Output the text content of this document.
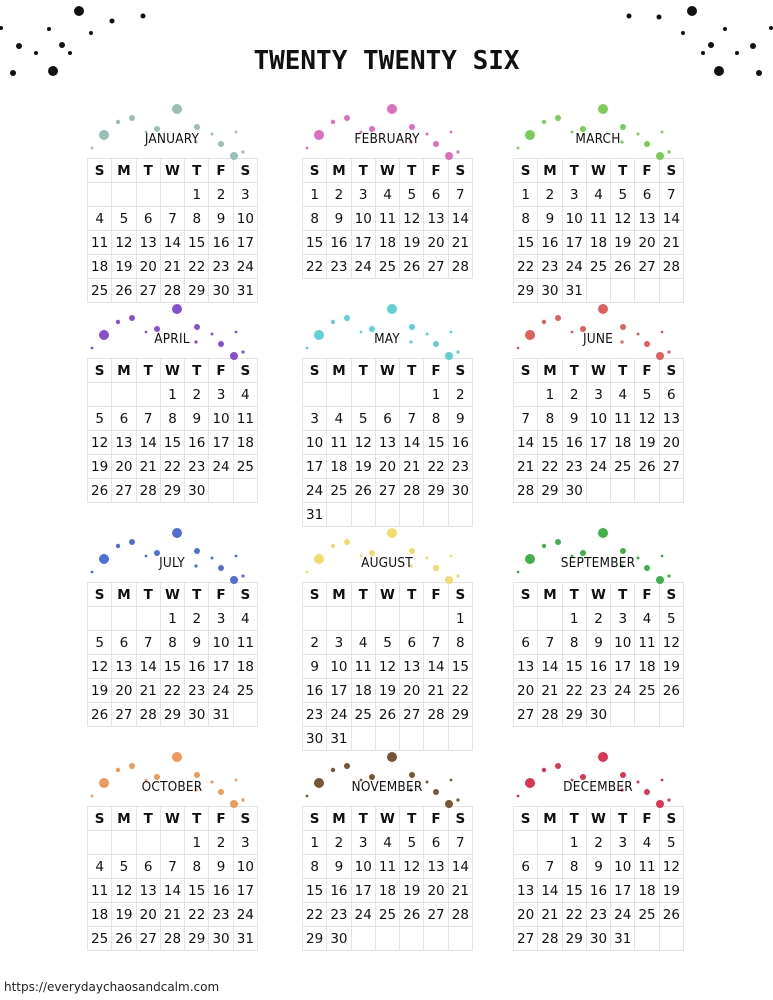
TWENTY TWENTY SIX
JANUARY
S	M	T	W	T	F	S
				1	2	3
4	5	6	7	8	9	10
11	12	13	14	15	16	17
18	19	20	21	22	23	24
25	26	27	28	29	30	31
FEBRUARY
S	M	T	W	T	F	S
1	2	3	4	5	6	7
8	9	10	11	12	13	14
15	16	17	18	19	20	21
22	23	24	25	26	27	28
MARCH
S	M	T	W	T	F	S
1	2	3	4	5	6	7
8	9	10	11	12	13	14
15	16	17	18	19	20	21
22	23	24	25	26	27	28
29	30	31				
APRIL
S	M	T	W	T	F	S
			1	2	3	4
5	6	7	8	9	10	11
12	13	14	15	16	17	18
19	20	21	22	23	24	25
26	27	28	29	30		
MAY
S	M	T	W	T	F	S
					1	2
3	4	5	6	7	8	9
10	11	12	13	14	15	16
17	18	19	20	21	22	23
24	25	26	27	28	29	30
31						
JUNE
S	M	T	W	T	F	S
	1	2	3	4	5	6
7	8	9	10	11	12	13
14	15	16	17	18	19	20
21	22	23	24	25	26	27
28	29	30				
JULY
S	M	T	W	T	F	S
			1	2	3	4
5	6	7	8	9	10	11
12	13	14	15	16	17	18
19	20	21	22	23	24	25
26	27	28	29	30	31	
AUGUST
S	M	T	W	T	F	S
						1
2	3	4	5	6	7	8
9	10	11	12	13	14	15
16	17	18	19	20	21	22
23	24	25	26	27	28	29
30	31					
SEPTEMBER
S	M	T	W	T	F	S
		1	2	3	4	5
6	7	8	9	10	11	12
13	14	15	16	17	18	19
20	21	22	23	24	25	26
27	28	29	30			
OCTOBER
S	M	T	W	T	F	S
				1	2	3
4	5	6	7	8	9	10
11	12	13	14	15	16	17
18	19	20	21	22	23	24
25	26	27	28	29	30	31
NOVEMBER
S	M	T	W	T	F	S
1	2	3	4	5	6	7
8	9	10	11	12	13	14
15	16	17	18	19	20	21
22	23	24	25	26	27	28
29	30					
DECEMBER
S	M	T	W	T	F	S
		1	2	3	4	5
6	7	8	9	10	11	12
13	14	15	16	17	18	19
20	21	22	23	24	25	26
27	28	29	30	31		
https://everydaychaosandcalm.com
